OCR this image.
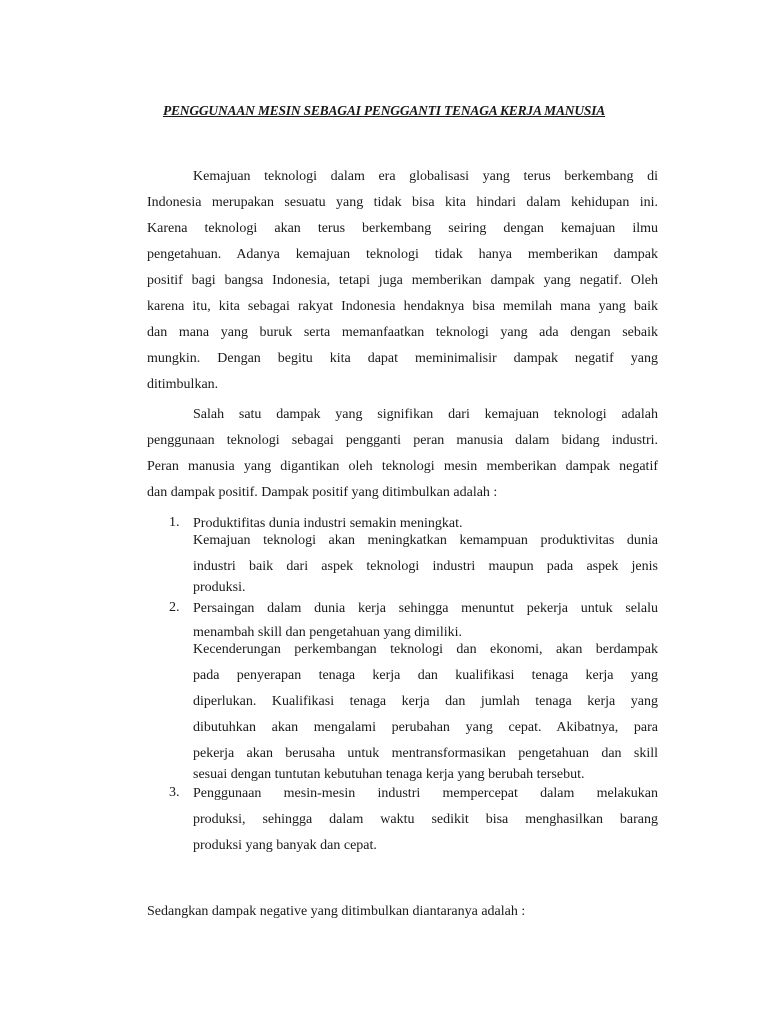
PENGGUNAAN MESIN SEBAGAI PENGGANTI TENAGA KERJA MANUSIA
Kemajuan teknologi dalam era globalisasi yang terus berkembang di
Indonesia merupakan sesuatu yang tidak bisa kita hindari dalam kehidupan ini.
Karena teknologi akan terus berkembang seiring dengan kemajuan ilmu
pengetahuan. Adanya kemajuan teknologi tidak hanya memberikan dampak
positif bagi bangsa Indonesia, tetapi juga memberikan dampak yang negatif. Oleh
karena itu, kita sebagai rakyat Indonesia hendaknya bisa memilah mana yang baik
dan mana yang buruk serta memanfaatkan teknologi yang ada dengan sebaik
mungkin. Dengan begitu kita dapat meminimalisir dampak negatif yang
ditimbulkan.
Salah satu dampak yang signifikan dari kemajuan teknologi adalah
penggunaan teknologi sebagai pengganti peran manusia dalam bidang industri.
Peran manusia yang digantikan oleh teknologi mesin memberikan dampak negatif
dan dampak positif. Dampak positif yang ditimbulkan adalah :
1. Produktifitas dunia industri semakin meningkat.
Kemajuan teknologi akan meningkatkan kemampuan produktivitas dunia
industri baik dari aspek teknologi industri maupun pada aspek jenis
produksi.
2. Persaingan dalam dunia kerja sehingga menuntut pekerja untuk selalu
menambah skill dan pengetahuan yang dimiliki.
Kecenderungan perkembangan teknologi dan ekonomi, akan berdampak
pada penyerapan tenaga kerja dan kualifikasi tenaga kerja yang
diperlukan. Kualifikasi tenaga kerja dan jumlah tenaga kerja yang
dibutuhkan akan mengalami perubahan yang cepat. Akibatnya, para
pekerja akan berusaha untuk mentransformasikan pengetahuan dan skill
sesuai dengan tuntutan kebutuhan tenaga kerja yang berubah tersebut.
3. Penggunaan mesin-mesin industri mempercepat dalam melakukan
produksi, sehingga dalam waktu sedikit bisa menghasilkan barang
produksi yang banyak dan cepat.
Sedangkan dampak negative yang ditimbulkan diantaranya adalah :
